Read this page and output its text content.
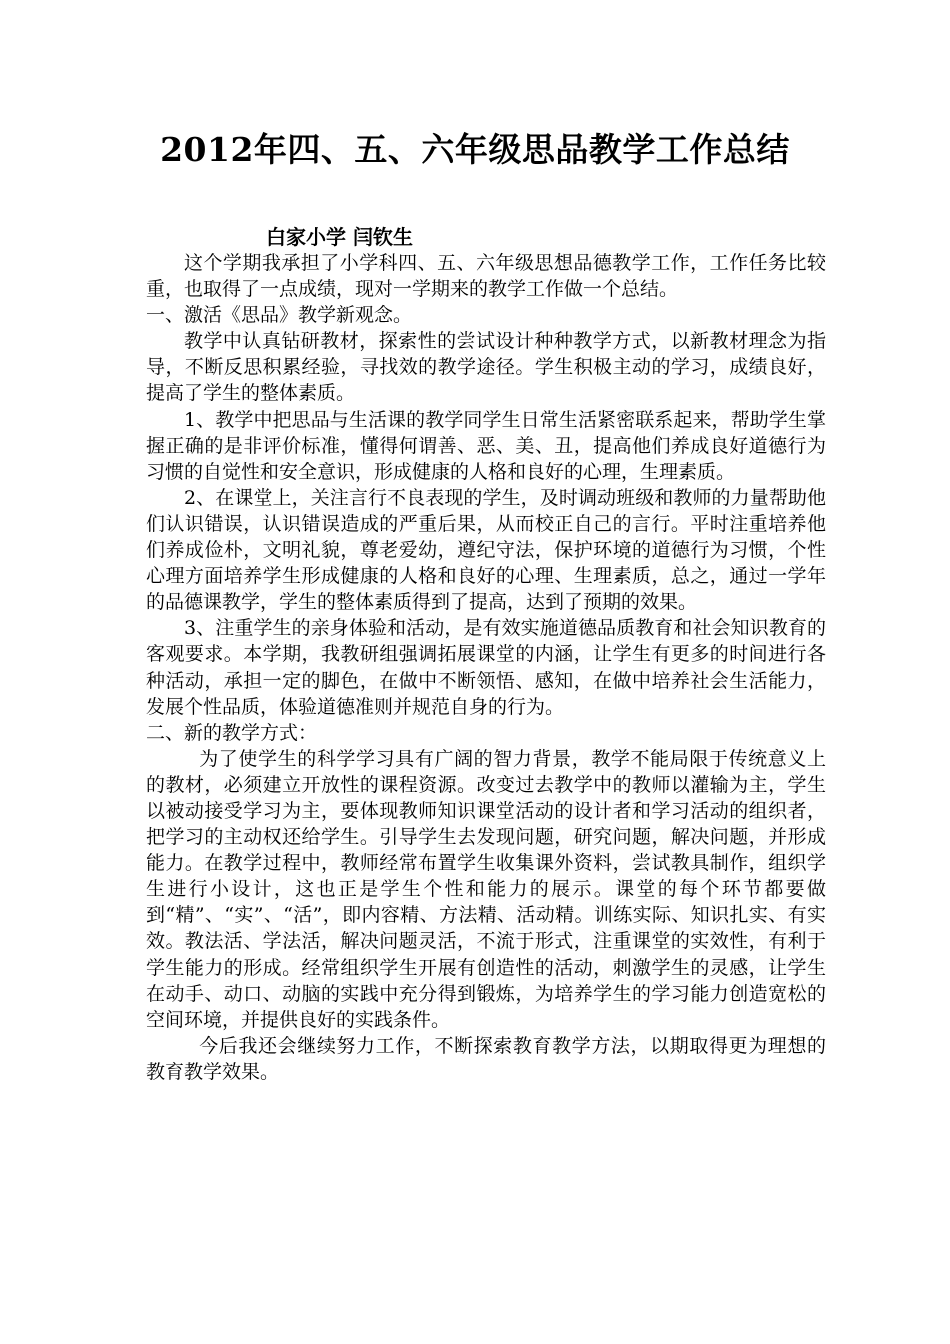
2012年四、五、六年级思品教学工作总结
白家小学 闫钦生

这个学期我承担了小学科四、五、六年级思想品德教学工作，工作任务比较重，也取得了一点成绩，现对一学期来的教学工作做一个总结。

一、激活《思品》教学新观念。

教学中认真钻研教材，探索性的尝试设计种种教学方式，以新教材理念为指导，不断反思积累经验，寻找效的教学途径。学生积极主动的学习，成绩良好，提高了学生的整体素质。

1、教学中把思品与生活课的教学同学生日常生活紧密联系起来，帮助学生掌握正确的是非评价标准，懂得何谓善、恶、美、丑，提高他们养成良好道德行为习惯的自觉性和安全意识，形成健康的人格和良好的心理，生理素质。

2、在课堂上，关注言行不良表现的学生，及时调动班级和教师的力量帮助他们认识错误，认识错误造成的严重后果，从而校正自己的言行。平时注重培养他们养成俭朴，文明礼貌，尊老爱幼，遵纪守法，保护环境的道德行为习惯，个性心理方面培养学生形成健康的人格和良好的心理、生理素质，总之，通过一学年的品德课教学，学生的整体素质得到了提高，达到了预期的效果。

3、注重学生的亲身体验和活动，是有效实施道德品质教育和社会知识教育的客观要求。本学期，我教研组强调拓展课堂的内涵，让学生有更多的时间进行各种活动，承担一定的脚色，在做中不断领悟、感知，在做中培养社会生活能力，发展个性品质，体验道德准则并规范自身的行为。

二、新的教学方式：

为了使学生的科学学习具有广阔的智力背景，教学不能局限于传统意义上的教材，必须建立开放性的课程资源。改变过去教学中的教师以灌输为主，学生以被动接受学习为主，要体现教师知识课堂活动的设计者和学习活动的组织者，把学习的主动权还给学生。引导学生去发现问题，研究问题，解决问题，并形成能力。在教学过程中，教师经常布置学生收集课外资料，尝试教具制作，组织学生进行小设计，这也正是学生个性和能力的展示。课堂的每个环节都要做到“精”、“实”、“活”，即内容精、方法精、活动精。训练实际、知识扎实、有实效。教法活、学法活，解决问题灵活，不流于形式，注重课堂的实效性，有利于学生能力的形成。经常组织学生开展有创造性的活动，刺激学生的灵感，让学生在动手、动口、动脑的实践中充分得到锻炼，为培养学生的学习能力创造宽松的空间环境，并提供良好的实践条件。

今后我还会继续努力工作，不断探索教育教学方法，以期取得更为理想的教育教学效果。
